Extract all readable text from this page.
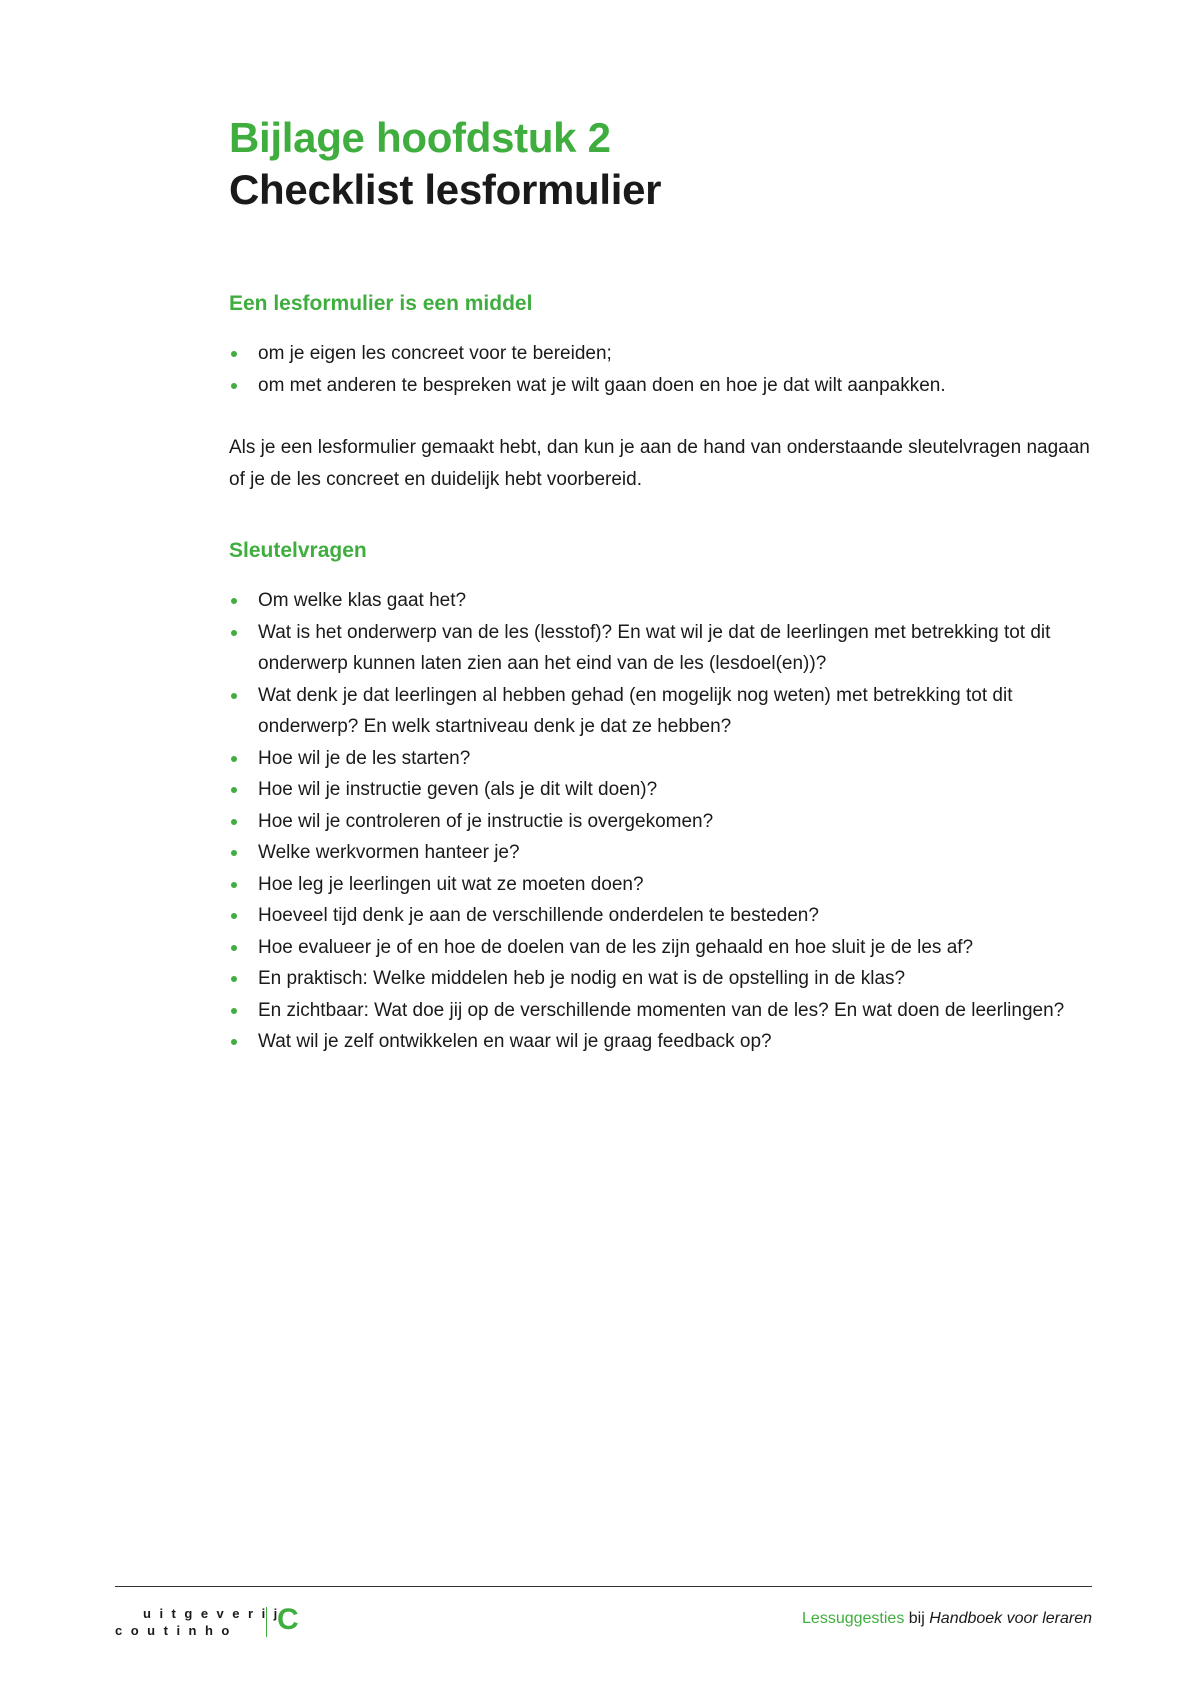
Bijlage hoofdstuk 2
Checklist lesformulier
Een lesformulier is een middel
om je eigen les concreet voor te bereiden;
om met anderen te bespreken wat je wilt gaan doen en hoe je dat wilt aanpakken.

Als je een lesformulier gemaakt hebt, dan kun je aan de hand van onderstaande sleutelvragen nagaan of je de les concreet en duidelijk hebt voorbereid.

Sleutelvragen
Om welke klas gaat het?
Wat is het onderwerp van de les (lesstof)? En wat wil je dat de leerlingen met betrekking tot dit onderwerp kunnen laten zien aan het eind van de les (lesdoel(en))?
Wat denk je dat leerlingen al hebben gehad (en mogelijk nog weten) met betrekking tot dit onderwerp? En welk startniveau denk je dat ze hebben?
Hoe wil je de les starten?
Hoe wil je instructie geven (als je dit wilt doen)?
Hoe wil je controleren of je instructie is overgekomen?
Welke werkvormen hanteer je?
Hoe leg je leerlingen uit wat ze moeten doen?
Hoeveel tijd denk je aan de verschillende onderdelen te besteden?
Hoe evalueer je of en hoe de doelen van de les zijn gehaald en hoe sluit je de les af?
En praktisch: Welke middelen heb je nodig en wat is de opstelling in de klas?
En zichtbaar: Wat doe jij op de verschillende momenten van de les? En wat doen de leerlingen?
Wat wil je zelf ontwikkelen en waar wil je graag feedback op?
uitgeverij
coutinho	C	Lessuggesties bij Handboek voor leraren
